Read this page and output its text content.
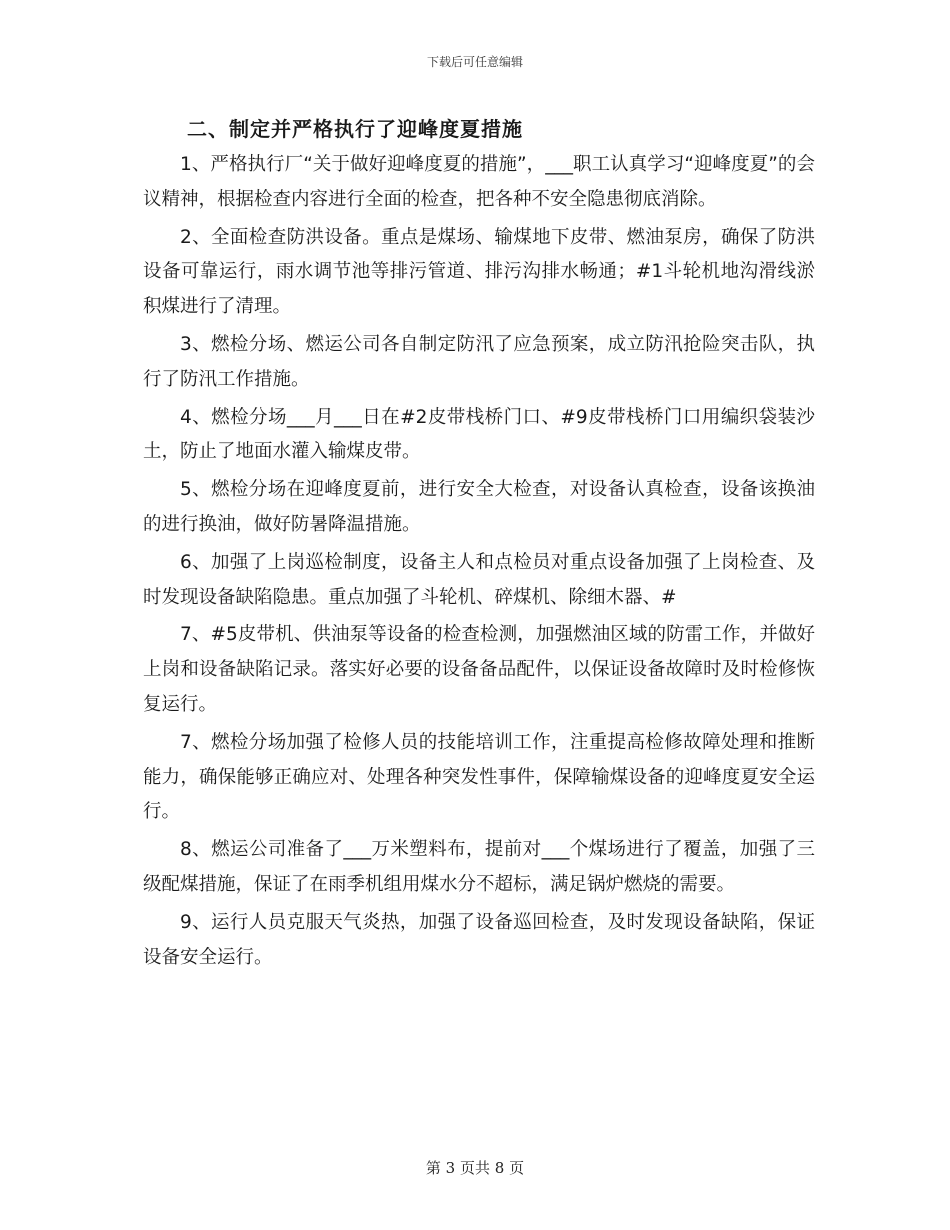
下载后可任意编辑
二、制定并严格执行了迎峰度夏措施

1、严格执行厂“关于做好迎峰度夏的措施”，___职工认真学习“迎峰度夏”的会议精神，根据检查内容进行全面的检查，把各种不安全隐患彻底消除。

2、全面检查防洪设备。重点是煤场、输煤地下皮带、燃油泵房，确保了防洪设备可靠运行，雨水调节池等排污管道、排污沟排水畅通；#1斗轮机地沟滑线淤积煤进行了清理。

3、燃检分场、燃运公司各自制定防汛了应急预案，成立防汛抢险突击队，执行了防汛工作措施。

4、燃检分场___月___日在#2皮带栈桥门口、#9皮带栈桥门口用编织袋装沙土，防止了地面水灌入输煤皮带。

5、燃检分场在迎峰度夏前，进行安全大检查，对设备认真检查，设备该换油的进行换油，做好防暑降温措施。

6、加强了上岗巡检制度，设备主人和点检员对重点设备加强了上岗检查、及时发现设备缺陷隐患。重点加强了斗轮机、碎煤机、除细木器、#

7、#5皮带机、供油泵等设备的检查检测，加强燃油区域的防雷工作，并做好上岗和设备缺陷记录。落实好必要的设备备品配件，以保证设备故障时及时检修恢复运行。

7、燃检分场加强了检修人员的技能培训工作，注重提高检修故障处理和推断能力，确保能够正确应对、处理各种突发性事件，保障输煤设备的迎峰度夏安全运行。

8、燃运公司准备了___万米塑料布，提前对___个煤场进行了覆盖，加强了三级配煤措施，保证了在雨季机组用煤水分不超标，满足锅炉燃烧的需要。

9、运行人员克服天气炎热，加强了设备巡回检查，及时发现设备缺陷，保证设备安全运行。

第 3 页共 8 页
